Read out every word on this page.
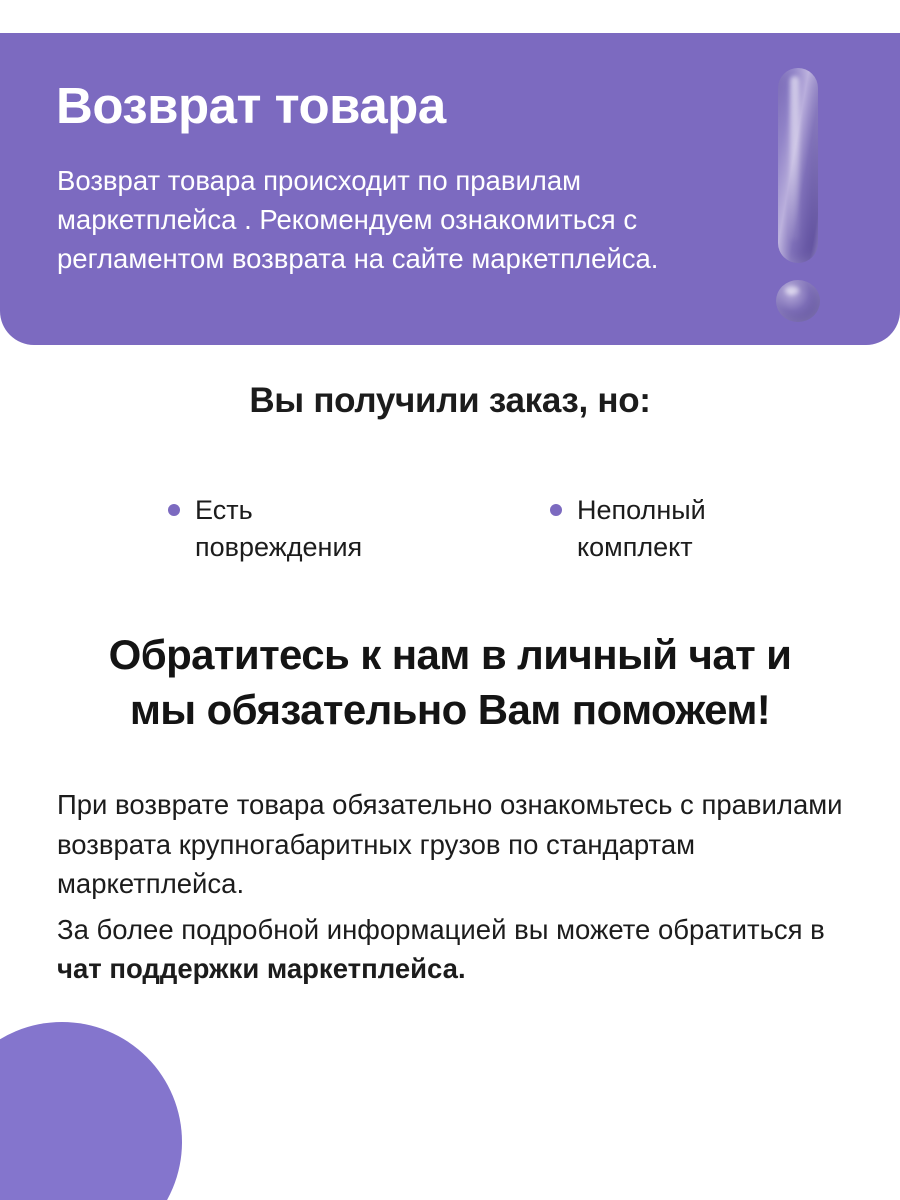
Возврат товара
Возврат товара происходит по правилам маркетплейса . Рекомендуем ознакомиться с регламентом возврата на сайте маркетплейса.
Вы получили заказ, но:
Есть повреждения
Неполный комплект
Обратитесь к нам в личный чат и
мы обязательно Вам поможем!

При возврате товара обязательно ознакомьтесь с правилами возврата крупногабаритных грузов по стандартам маркетплейса.

За более подробной информацией вы можете обратиться в чат поддержки маркетплейса.
